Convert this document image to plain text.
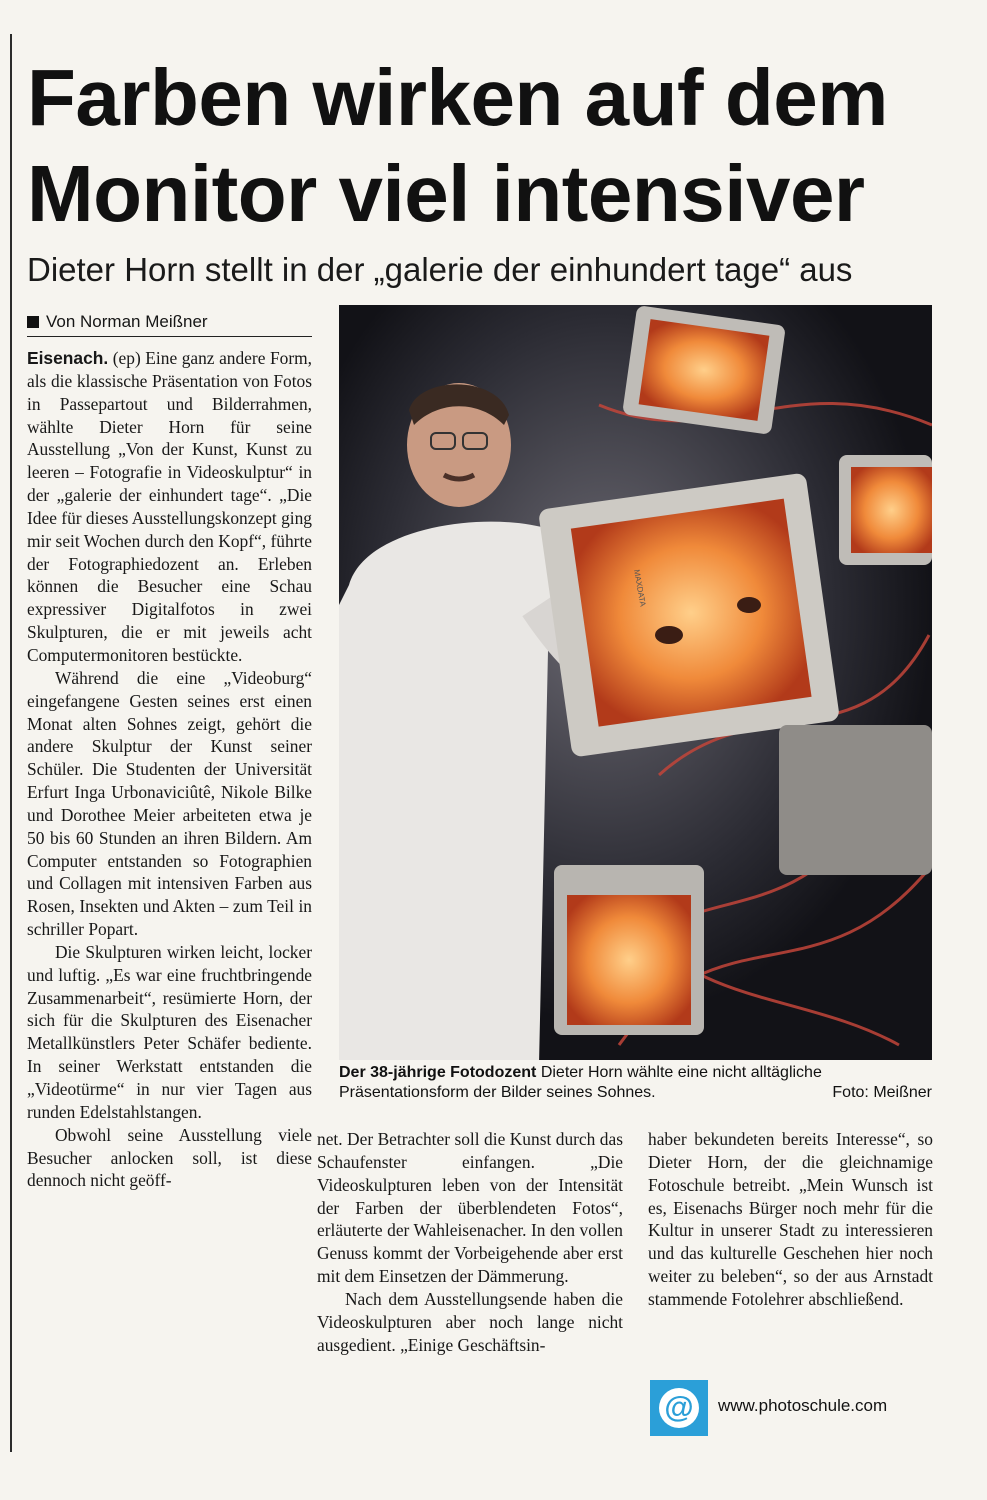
Farben wirken auf dem
Monitor viel intensiver
Dieter Horn stellt in der „galerie der einhundert tage“ aus
Von Norman Meißner

Eisenach. (ep) Eine ganz andere Form, als die klassische Präsentation von Fotos in Passepartout und Bilderrahmen, wählte Dieter Horn für seine Ausstellung „Von der Kunst, Kunst zu leeren – Fotografie in Videoskulptur“ in der „galerie der einhundert tage“. „Die Idee für dieses Ausstellungskonzept ging mir seit Wochen durch den Kopf“, führte der Fotographiedozent an. Erleben können die Besucher eine Schau expressiver Digitalfotos in zwei Skulpturen, die er mit jeweils acht Computermonitoren bestückte.

Während die eine „Videoburg“ eingefangene Gesten seines erst einen Monat alten Sohnes zeigt, gehört die andere Skulptur der Kunst seiner Schüler. Die Studenten der Universität Erfurt Inga Urbonaviciûtê, Nikole Bilke und Dorothee Meier arbeiteten etwa je 50 bis 60 Stunden an ihren Bildern. Am Computer entstanden so Fotographien und Collagen mit intensiven Farben aus Rosen, Insekten und Akten – zum Teil in schriller Popart.

Die Skulpturen wirken leicht, locker und luftig. „Es war eine fruchtbringende Zusammenarbeit“, resümierte Horn, der sich für die Skulpturen des Eisenacher Metallkünstlers Peter Schäfer bediente. In seiner Werkstatt entstanden die „Videotürme“ in nur vier Tagen aus runden Edelstahlstangen.

Obwohl seine Ausstellung viele Besucher anlocken soll, ist diese dennoch nicht geöff-

MAXDATA
Der 38-jährige Fotodozent Dieter Horn wählte eine nicht alltägliche Präsentationsform der Bilder seines Sohnes.	Foto: Meißner

net. Der Betrachter soll die Kunst durch das Schaufenster einfangen. „Die Videoskulpturen leben von der Intensität der Farben der überblendeten Fotos“, erläuterte der Wahleisenacher. In den vollen Genuss kommt der Vorbeigehende aber erst mit dem Einsetzen der Dämmerung.

Nach dem Ausstellungsende haben die Videoskulpturen aber noch lange nicht ausgedient. „Einige Geschäftsin-

haber bekundeten bereits Interesse“, so Dieter Horn, der die gleichnamige Fotoschule betreibt. „Mein Wunsch ist es, Eisenachs Bürger noch mehr für die Kultur in unserer Stadt zu interessieren und das kulturelle Geschehen hier noch weiter zu beleben“, so der aus Arnstadt stammende Fotolehrer abschließend.

@ www.photoschule.com
